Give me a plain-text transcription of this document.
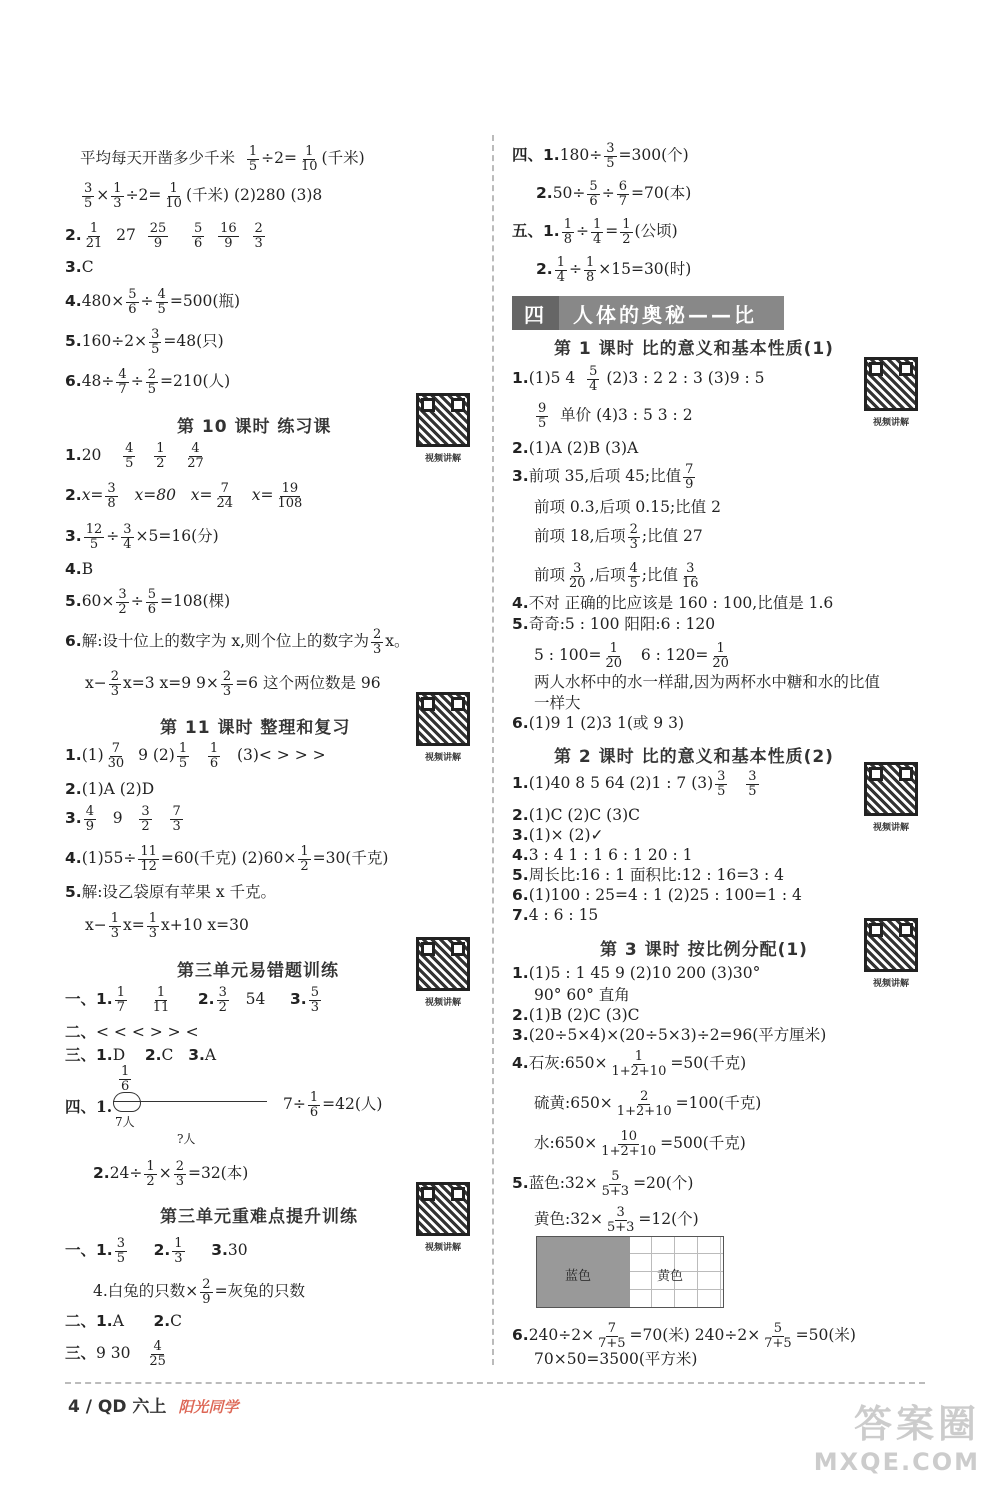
平均每天开凿多少千米 $\frac{1}{5} \div 2= \frac{1}{10}$ (千米)
$\frac{3}{5} \times \frac{1}{3} \div 2= \frac{1}{10}$ (千米) (2)280 (3)8
2. $\frac{1}{21} 27 \frac{25}{9}$
$\frac{5}{6}$
$\frac{16}{9}$
$\frac{2}{3}$
3.C
$4.480\times \frac{5}{6} \div \frac{4}{5} =500$(瓶)
$5.160\div 2\times \frac{3}{5} =48$(只)
$6.48\div \frac{4}{7} \div \frac{2}{5} =210$(人)
第 10 课时 练习课
$1.20 \frac{4}{5}$
$\frac{1}{2}$
$\frac{4}{27}$
$2.x= \frac{3}{8} x=80$ $x= \frac{7}{24} x= \frac{19}{108}$
3. $\frac{12}{5} \div \frac{3}{4} \times 5=16$(分)
4.B
$5.60\times \frac{3}{2} \div \frac{5}{6} =108$(棵)
6.解:设十位上的数字为 x,则个位上的数字为 $\frac{2}{3}$ x。
$x- \frac{2}{3} x=3$ x=9 $9\times \frac{2}{3} =6$ 这个两位数是 96
第 11 课时 整理和复习
$1.(1) \frac{7}{30} 9$ $(2) \frac{1}{5}$
$\frac{1}{6} (3)<$ > > >
2.(1)A (2)D
3. $\frac{4}{9} 9 \frac{3}{2}$
$\frac{7}{3}$
$4.(1)55\div \frac{11}{12} =60$(千克) $(2)60\times \frac{1}{2} =30$(千克)
5.解:设乙袋原有苹果 x 千克。
$x- \frac{1}{3} x= \frac{1}{3} x+10$ x=30
第三单元易错题训练
一、1. $\frac{1}{7}$
$\frac{1}{11} 2$. $\frac{3}{2} 54$ 3. $\frac{5}{3}$
二、< < < > > <
三、1.D 2.C 3.A
四、1.
$\frac{1}{6}$
7人
?人
$7\div \frac{1}{6} =42$(人)
$2.24\div \frac{1}{2} \times \frac{2}{3} =32$(本)
第三单元重难点提升训练
一、1. $\frac{3}{5} 2$. $\frac{1}{3} 3.30$
4.白兔的只数× $\frac{2}{9}$ =灰兔的只数
二、1.A 2.C
三、9 $30 \frac{4}{25}$
视频讲解
视频讲解
视频讲解
视频讲解
四、$1.180\div \frac{3}{5} =300$(个)
$2.50\div \frac{5}{6} \div \frac{6}{7} =70$(本)
五、1. $\frac{1}{8} \div \frac{1}{4} = \frac{1}{2}$ (公顷)
2. $\frac{1}{4} \div \frac{1}{8} \times 15=30$(时)
第 1 课时 比的意义和基本性质(1)
1.(1)5 $4 \frac{5}{4} (2)3$ : 2 2 : 3 (3)9 : 5
$\frac{9}{5}$ 单价 (4)3 : 5 3 : 2
2.(1)A (2)B (3)A
3.前项 35,后项 45;比值 $\frac{7}{9}$
前项 0.3,后项 0.15;比值 2
前项 18,后项 $\frac{2}{3}$ ;比值 27
前项 $\frac{3}{20}$ ,后项 $\frac{4}{5}$ ;比值 $\frac{3}{16}$
4.不对 正确的比应该是 160 : 100,比值是 1.6
5.奇奇:5 : 100 阳阳:6 : 120
5 : $100= \frac{1}{20} 6$ : $120= \frac{1}{20}$
两人水杯中的水一样甜,因为两杯水中糖和水的比值
一样大
6.(1)9 1 (2)3 1(或 9 3)
第 2 课时 比的意义和基本性质(2)
1.(1)40 8 5 64 (2)1 : 7 $(3) \frac{3}{5}$
$\frac{3}{5}$
2.(1)C (2)C (3)C
3.(1)× (2)✓
4.3 : 4 1 : 1 6 : 1 20 : 1
5.周长比:16 : 1 面积比:12 : 16=3 : 4
6.(1)100 : 25=4 : 1 (2)25 : 100=1 : 4
7.4 : 6 : 15
第 3 课时 按比例分配(1)
1.(1)5 : 1 45 9 (2)10 200 (3)30°
90° 60° 直角
2.(1)B (2)C (3)C
3.(20÷5×4)×(20÷5×3)÷2=96(平方厘米)
4.石灰:650× $\frac{1}{1+2+10} =50$(千克)
硫黄:650× $\frac{2}{1+2+10} =100$(千克)
水:650× $\frac{10}{1+2+10} =500$(千克)
5.蓝色:32× $\frac{5}{5+3} =20$(个)
黄色:32× $\frac{3}{5+3} =12$(个)
$6.240\div 2\times \frac{7}{7+5} =70$(米) $240\div 2\times \frac{5}{7+5} =50$(米)
70×50=3500(平方米)
四	人体的奥秘——比
蓝色	黄色
视频讲解
视频讲解
视频讲解
4 / QD 六上 阳光同学	答案圈
MXQE.COM
